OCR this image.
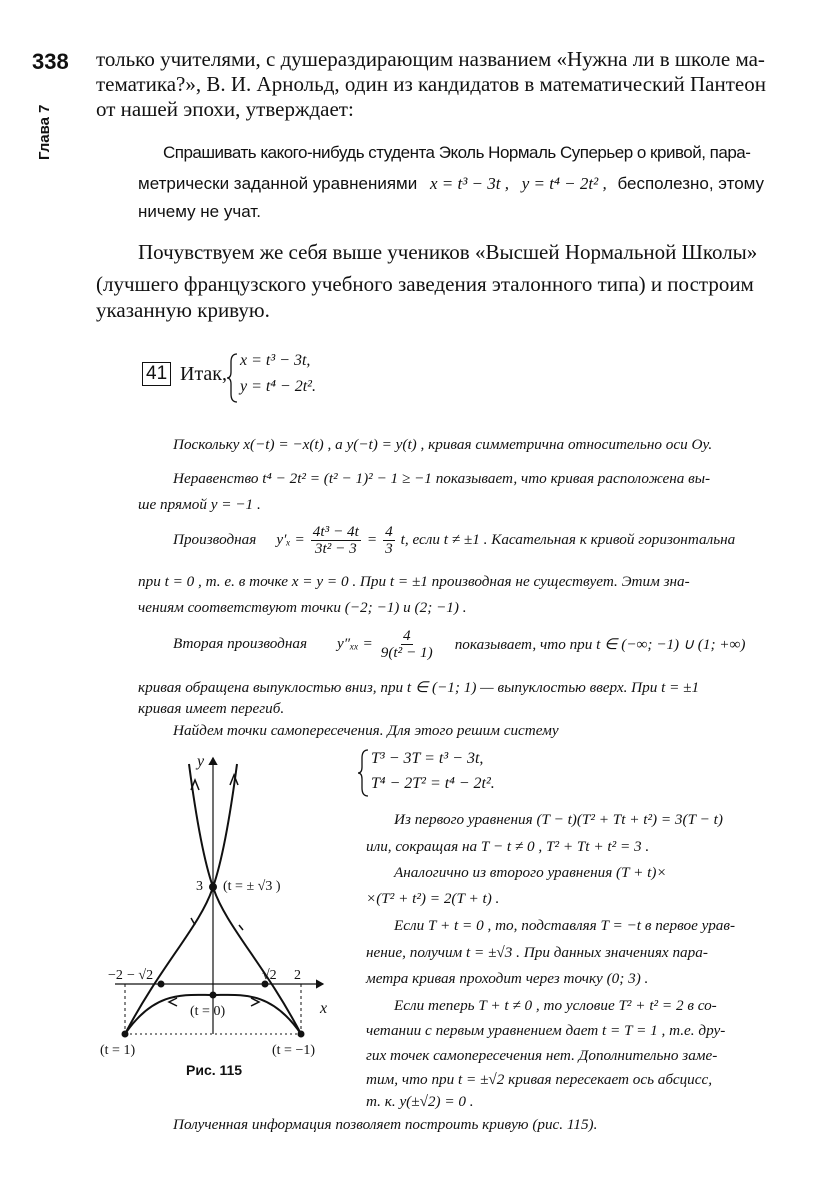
338
Глава 7
только учителями, с душераздирающим названием «Нужна ли в школе ма-
тематика?», В. И. Арнольд, один из кандидатов в математический Пантеон
от нашей эпохи, утверждает:
Спрашивать какого-нибудь студента Эколь Нормаль Суперьер о кривой, пара-
метрически заданной уравнениями x = t³ − 3t , y = t⁴ − 2t² , бесполезно, этому
ничему не учат.
Почувствуем же себя выше учеников «Высшей Нормальной Школы»
(лучшего французского учебного заведения эталонного типа) и построим
указанную кривую.
41 Итак,
x = t³ − 3t,
y = t⁴ − 2t².
Поскольку x(−t) = −x(t) , а y(−t) = y(t) , кривая симметрична относительно оси Oy.
Неравенство t⁴ − 2t² = (t² − 1)² − 1 ≥ −1 показывает, что кривая расположена вы-
ше прямой y = −1 .
Производная $y'_x = \frac{\text{4t³ − 4t}}{\text{3t² − 3}} = \frac{4}{3} t$, если t ≠ ±1 . Касательная к кривой горизонтальна
при t = 0 , т. е. в точке x = y = 0 . При t = ±1 производная не существует. Этим зна-
чениям соответствуют точки (−2; −1) и (2; −1) .
Вторая производная $y''_{xx} = \frac{4}{\text{9(t² − 1)}}$ показывает, что при t ∈ (−∞; −1) ∪ (1; +∞)
кривая обращена выпуклостью вниз, при t ∈ (−1; 1) — выпуклостью вверх. При t = ±1
кривая имеет перегиб.
Найдем точки самопересечения. Для этого решим систему
T³ − 3T = t³ − 3t,
T⁴ − 2T² = t⁴ − 2t².
Из первого уравнения (T − t)(T² + Tt + t²) = 3(T − t)
или, сокращая на T − t ≠ 0 , T² + Tt + t² = 3 .
Аналогично из второго уравнения (T + t)×
×(T² + t²) = 2(T + t) .
Если T + t = 0 , то, подставляя T = −t в первое урав-
нение, получим t = ±√3 . При данных значениях пара-
метра кривая проходит через точку (0; 3) .
Если теперь T + t ≠ 0 , то условие T² + t² = 2 в со-
четании с первым уравнением дает t = T = 1 , т.е. дру-
гих точек самопересечения нет. Дополнительно заме-
тим, что при t = ±√2 кривая пересекает ось абсцисс,
т. к. y(±√2) = 0 .
y
x
3 (t = ± √3 )
−2 − √2	√2 2
(t = 0)
(t = 1)	(t = −1)
Рис. 115
Полученная информация позволяет построить кривую (рис. 115).
